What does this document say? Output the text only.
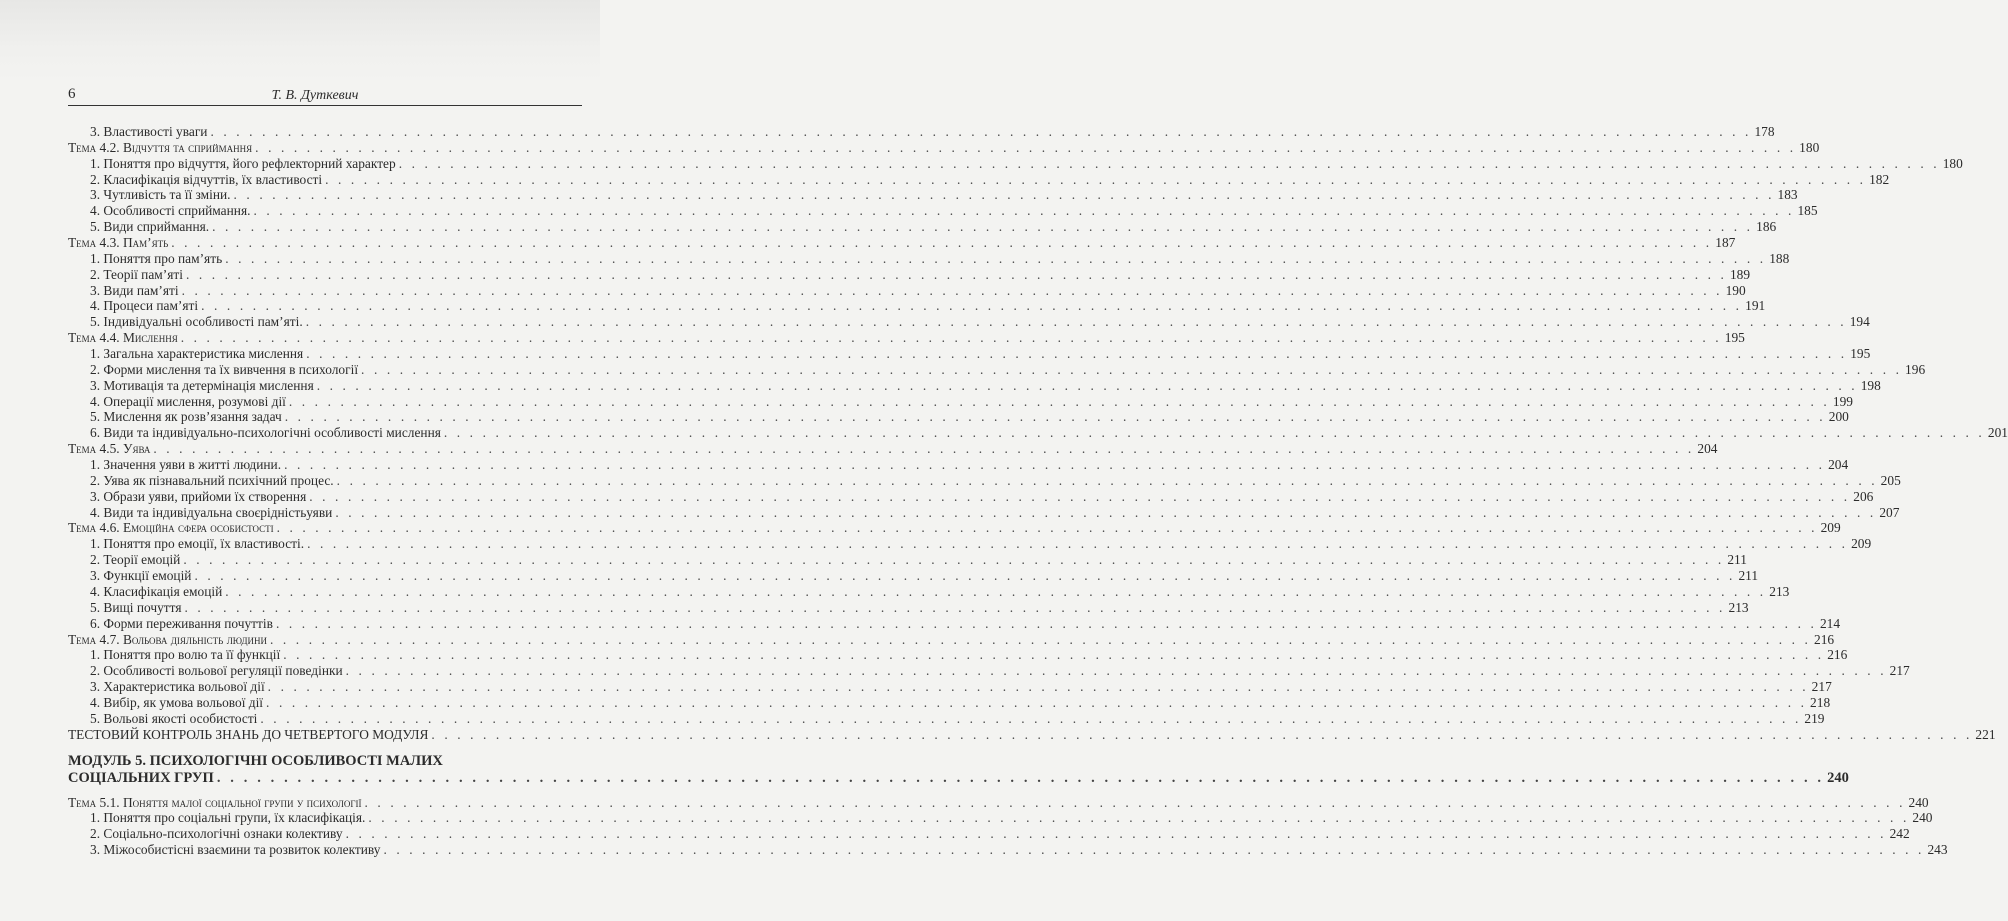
6	Т. В. Дуткевич
3. Властивості уваги . . . . . . . . . . . . . . . . . . . . . . . . . . . . . . . . . . . . . . . . . . . . . . . . . . . . . . . . . . . . . . . . . . . . . . . . . . . . . . . . . . . . . . . . . . . . . . . . . . . . . . . . . . . . . . . . . . . . . . . . 178
Тема 4.2. Відчуття та сприймання . . . . . . . . . . . . . . . . . . . . . . . . . . . . . . . . . . . . . . . . . . . . . . . . . . . . . . . . . . . . . . . . . . . . . . . . . . . . . . . . . . . . . . . . . . . . . . . . . . . . . . . . . . . . . . . . . . . . . . . . 180
1. Поняття про відчуття, його рефлекторний характер . . . . . . . . . . . . . . . . . . . . . . . . . . . . . . . . . . . . . . . . . . . . . . . . . . . . . . . . . . . . . . . . . . . . . . . . . . . . . . . . . . . . . . . . . . . . . . . . . . . . . . . . . . . . . . . . . . . . . . . . 180
2. Класифікація відчуттів, їх властивості . . . . . . . . . . . . . . . . . . . . . . . . . . . . . . . . . . . . . . . . . . . . . . . . . . . . . . . . . . . . . . . . . . . . . . . . . . . . . . . . . . . . . . . . . . . . . . . . . . . . . . . . . . . . . . . . . . . . . . . . 182
3. Чутливість та її зміни. . . . . . . . . . . . . . . . . . . . . . . . . . . . . . . . . . . . . . . . . . . . . . . . . . . . . . . . . . . . . . . . . . . . . . . . . . . . . . . . . . . . . . . . . . . . . . . . . . . . . . . . . . . . . . . . . . . . . . . . . 183
4. Особливості сприймання. . . . . . . . . . . . . . . . . . . . . . . . . . . . . . . . . . . . . . . . . . . . . . . . . . . . . . . . . . . . . . . . . . . . . . . . . . . . . . . . . . . . . . . . . . . . . . . . . . . . . . . . . . . . . . . . . . . . . . . . . 185
5. Види сприймання. . . . . . . . . . . . . . . . . . . . . . . . . . . . . . . . . . . . . . . . . . . . . . . . . . . . . . . . . . . . . . . . . . . . . . . . . . . . . . . . . . . . . . . . . . . . . . . . . . . . . . . . . . . . . . . . . . . . . . . . . 186
Тема 4.3. Пам’ять . . . . . . . . . . . . . . . . . . . . . . . . . . . . . . . . . . . . . . . . . . . . . . . . . . . . . . . . . . . . . . . . . . . . . . . . . . . . . . . . . . . . . . . . . . . . . . . . . . . . . . . . . . . . . . . . . . . . . . . . 187
1. Поняття про пам’ять . . . . . . . . . . . . . . . . . . . . . . . . . . . . . . . . . . . . . . . . . . . . . . . . . . . . . . . . . . . . . . . . . . . . . . . . . . . . . . . . . . . . . . . . . . . . . . . . . . . . . . . . . . . . . . . . . . . . . . . . 188
2. Теорії пам’яті . . . . . . . . . . . . . . . . . . . . . . . . . . . . . . . . . . . . . . . . . . . . . . . . . . . . . . . . . . . . . . . . . . . . . . . . . . . . . . . . . . . . . . . . . . . . . . . . . . . . . . . . . . . . . . . . . . . . . . . . 189
3. Види пам’яті . . . . . . . . . . . . . . . . . . . . . . . . . . . . . . . . . . . . . . . . . . . . . . . . . . . . . . . . . . . . . . . . . . . . . . . . . . . . . . . . . . . . . . . . . . . . . . . . . . . . . . . . . . . . . . . . . . . . . . . . 190
4. Процеси пам’яті . . . . . . . . . . . . . . . . . . . . . . . . . . . . . . . . . . . . . . . . . . . . . . . . . . . . . . . . . . . . . . . . . . . . . . . . . . . . . . . . . . . . . . . . . . . . . . . . . . . . . . . . . . . . . . . . . . . . . . . . 191
5. Індивідуальні особливості пам’яті. . . . . . . . . . . . . . . . . . . . . . . . . . . . . . . . . . . . . . . . . . . . . . . . . . . . . . . . . . . . . . . . . . . . . . . . . . . . . . . . . . . . . . . . . . . . . . . . . . . . . . . . . . . . . . . . . . . . . . . . . 194
Тема 4.4. Мислення . . . . . . . . . . . . . . . . . . . . . . . . . . . . . . . . . . . . . . . . . . . . . . . . . . . . . . . . . . . . . . . . . . . . . . . . . . . . . . . . . . . . . . . . . . . . . . . . . . . . . . . . . . . . . . . . . . . . . . . . 195
1. Загальна характеристика мислення . . . . . . . . . . . . . . . . . . . . . . . . . . . . . . . . . . . . . . . . . . . . . . . . . . . . . . . . . . . . . . . . . . . . . . . . . . . . . . . . . . . . . . . . . . . . . . . . . . . . . . . . . . . . . . . . . . . . . . . . 195
2. Форми мислення та їх вивчення в психології . . . . . . . . . . . . . . . . . . . . . . . . . . . . . . . . . . . . . . . . . . . . . . . . . . . . . . . . . . . . . . . . . . . . . . . . . . . . . . . . . . . . . . . . . . . . . . . . . . . . . . . . . . . . . . . . . . . . . . . . 196
3. Мотивація та детермінація мислення . . . . . . . . . . . . . . . . . . . . . . . . . . . . . . . . . . . . . . . . . . . . . . . . . . . . . . . . . . . . . . . . . . . . . . . . . . . . . . . . . . . . . . . . . . . . . . . . . . . . . . . . . . . . . . . . . . . . . . . . 198
4. Операції мислення, розумові дії . . . . . . . . . . . . . . . . . . . . . . . . . . . . . . . . . . . . . . . . . . . . . . . . . . . . . . . . . . . . . . . . . . . . . . . . . . . . . . . . . . . . . . . . . . . . . . . . . . . . . . . . . . . . . . . . . . . . . . . . 199
5. Мислення як розв’язання задач . . . . . . . . . . . . . . . . . . . . . . . . . . . . . . . . . . . . . . . . . . . . . . . . . . . . . . . . . . . . . . . . . . . . . . . . . . . . . . . . . . . . . . . . . . . . . . . . . . . . . . . . . . . . . . . . . . . . . . . . 200
6. Види та індивідуально-психологічні особливості мислення . . . . . . . . . . . . . . . . . . . . . . . . . . . . . . . . . . . . . . . . . . . . . . . . . . . . . . . . . . . . . . . . . . . . . . . . . . . . . . . . . . . . . . . . . . . . . . . . . . . . . . . . . . . . . . . . . . . . . . . . 201
Тема 4.5. Уява . . . . . . . . . . . . . . . . . . . . . . . . . . . . . . . . . . . . . . . . . . . . . . . . . . . . . . . . . . . . . . . . . . . . . . . . . . . . . . . . . . . . . . . . . . . . . . . . . . . . . . . . . . . . . . . . . . . . . . . . 204
1. Значення уяви в житті людини. . . . . . . . . . . . . . . . . . . . . . . . . . . . . . . . . . . . . . . . . . . . . . . . . . . . . . . . . . . . . . . . . . . . . . . . . . . . . . . . . . . . . . . . . . . . . . . . . . . . . . . . . . . . . . . . . . . . . . . . . 204
2. Уява як пізнавальний психічний процес. . . . . . . . . . . . . . . . . . . . . . . . . . . . . . . . . . . . . . . . . . . . . . . . . . . . . . . . . . . . . . . . . . . . . . . . . . . . . . . . . . . . . . . . . . . . . . . . . . . . . . . . . . . . . . . . . . . . . . . . . 205
3. Образи уяви, прийоми їх створення . . . . . . . . . . . . . . . . . . . . . . . . . . . . . . . . . . . . . . . . . . . . . . . . . . . . . . . . . . . . . . . . . . . . . . . . . . . . . . . . . . . . . . . . . . . . . . . . . . . . . . . . . . . . . . . . . . . . . . . . 206
4. Види та індивідуальна своєрідністьуяви . . . . . . . . . . . . . . . . . . . . . . . . . . . . . . . . . . . . . . . . . . . . . . . . . . . . . . . . . . . . . . . . . . . . . . . . . . . . . . . . . . . . . . . . . . . . . . . . . . . . . . . . . . . . . . . . . . . . . . . . 207
Тема 4.6. Емоційна сфера особистості . . . . . . . . . . . . . . . . . . . . . . . . . . . . . . . . . . . . . . . . . . . . . . . . . . . . . . . . . . . . . . . . . . . . . . . . . . . . . . . . . . . . . . . . . . . . . . . . . . . . . . . . . . . . . . . . . . . . . . . . 209
1. Поняття про емоції, їх властивості. . . . . . . . . . . . . . . . . . . . . . . . . . . . . . . . . . . . . . . . . . . . . . . . . . . . . . . . . . . . . . . . . . . . . . . . . . . . . . . . . . . . . . . . . . . . . . . . . . . . . . . . . . . . . . . . . . . . . . . . . 209
2. Теорії емоцій . . . . . . . . . . . . . . . . . . . . . . . . . . . . . . . . . . . . . . . . . . . . . . . . . . . . . . . . . . . . . . . . . . . . . . . . . . . . . . . . . . . . . . . . . . . . . . . . . . . . . . . . . . . . . . . . . . . . . . . . 211
3. Функції емоцій . . . . . . . . . . . . . . . . . . . . . . . . . . . . . . . . . . . . . . . . . . . . . . . . . . . . . . . . . . . . . . . . . . . . . . . . . . . . . . . . . . . . . . . . . . . . . . . . . . . . . . . . . . . . . . . . . . . . . . . . 211
4. Класифікація емоцій . . . . . . . . . . . . . . . . . . . . . . . . . . . . . . . . . . . . . . . . . . . . . . . . . . . . . . . . . . . . . . . . . . . . . . . . . . . . . . . . . . . . . . . . . . . . . . . . . . . . . . . . . . . . . . . . . . . . . . . . 213
5. Вищі почуття . . . . . . . . . . . . . . . . . . . . . . . . . . . . . . . . . . . . . . . . . . . . . . . . . . . . . . . . . . . . . . . . . . . . . . . . . . . . . . . . . . . . . . . . . . . . . . . . . . . . . . . . . . . . . . . . . . . . . . . . 213
6. Форми переживання почуттів . . . . . . . . . . . . . . . . . . . . . . . . . . . . . . . . . . . . . . . . . . . . . . . . . . . . . . . . . . . . . . . . . . . . . . . . . . . . . . . . . . . . . . . . . . . . . . . . . . . . . . . . . . . . . . . . . . . . . . . . 214
Тема 4.7. Вольова діяльність людини . . . . . . . . . . . . . . . . . . . . . . . . . . . . . . . . . . . . . . . . . . . . . . . . . . . . . . . . . . . . . . . . . . . . . . . . . . . . . . . . . . . . . . . . . . . . . . . . . . . . . . . . . . . . . . . . . . . . . . . . 216
1. Поняття про волю та її функції . . . . . . . . . . . . . . . . . . . . . . . . . . . . . . . . . . . . . . . . . . . . . . . . . . . . . . . . . . . . . . . . . . . . . . . . . . . . . . . . . . . . . . . . . . . . . . . . . . . . . . . . . . . . . . . . . . . . . . . . 216
2. Особливості вольової регуляції поведінки . . . . . . . . . . . . . . . . . . . . . . . . . . . . . . . . . . . . . . . . . . . . . . . . . . . . . . . . . . . . . . . . . . . . . . . . . . . . . . . . . . . . . . . . . . . . . . . . . . . . . . . . . . . . . . . . . . . . . . . . 217
3. Характеристика вольової дії . . . . . . . . . . . . . . . . . . . . . . . . . . . . . . . . . . . . . . . . . . . . . . . . . . . . . . . . . . . . . . . . . . . . . . . . . . . . . . . . . . . . . . . . . . . . . . . . . . . . . . . . . . . . . . . . . . . . . . . . 217
4. Вибір, як умова вольової дії . . . . . . . . . . . . . . . . . . . . . . . . . . . . . . . . . . . . . . . . . . . . . . . . . . . . . . . . . . . . . . . . . . . . . . . . . . . . . . . . . . . . . . . . . . . . . . . . . . . . . . . . . . . . . . . . . . . . . . . . 218
5. Вольові якості особистості . . . . . . . . . . . . . . . . . . . . . . . . . . . . . . . . . . . . . . . . . . . . . . . . . . . . . . . . . . . . . . . . . . . . . . . . . . . . . . . . . . . . . . . . . . . . . . . . . . . . . . . . . . . . . . . . . . . . . . . . 219
ТЕСТОВИЙ КОНТРОЛЬ ЗНАНЬ ДО ЧЕТВЕРТОГО МОДУЛЯ . . . . . . . . . . . . . . . . . . . . . . . . . . . . . . . . . . . . . . . . . . . . . . . . . . . . . . . . . . . . . . . . . . . . . . . . . . . . . . . . . . . . . . . . . . . . . . . . . . . . . . . . . . . . . . . . . . . . . . . . 221
МОДУЛЬ 5. ПСИХОЛОГІЧНІ ОСОБЛИВОСТІ МАЛИХ
СОЦІАЛЬНИХ ГРУП . . . . . . . . . . . . . . . . . . . . . . . . . . . . . . . . . . . . . . . . . . . . . . . . . . . . . . . . . . . . . . . . . . . . . . . . . . . . . . . . . . . . . . . . . . . . . . . . . . . . . . . . . . . . . . . . . . . . . . . . 240
Тема 5.1. Поняття малої соціальної групи у психології . . . . . . . . . . . . . . . . . . . . . . . . . . . . . . . . . . . . . . . . . . . . . . . . . . . . . . . . . . . . . . . . . . . . . . . . . . . . . . . . . . . . . . . . . . . . . . . . . . . . . . . . . . . . . . . . . . . . . . . . 240
1. Поняття про соціальні групи, їх класифікація. . . . . . . . . . . . . . . . . . . . . . . . . . . . . . . . . . . . . . . . . . . . . . . . . . . . . . . . . . . . . . . . . . . . . . . . . . . . . . . . . . . . . . . . . . . . . . . . . . . . . . . . . . . . . . . . . . . . . . . . . 240
2. Соціально-психологічні ознаки колективу . . . . . . . . . . . . . . . . . . . . . . . . . . . . . . . . . . . . . . . . . . . . . . . . . . . . . . . . . . . . . . . . . . . . . . . . . . . . . . . . . . . . . . . . . . . . . . . . . . . . . . . . . . . . . . . . . . . . . . . . 242
3. Міжособистісні взаємини та розвиток колективу . . . . . . . . . . . . . . . . . . . . . . . . . . . . . . . . . . . . . . . . . . . . . . . . . . . . . . . . . . . . . . . . . . . . . . . . . . . . . . . . . . . . . . . . . . . . . . . . . . . . . . . . . . . . . . . . . . . . . . . . 243
